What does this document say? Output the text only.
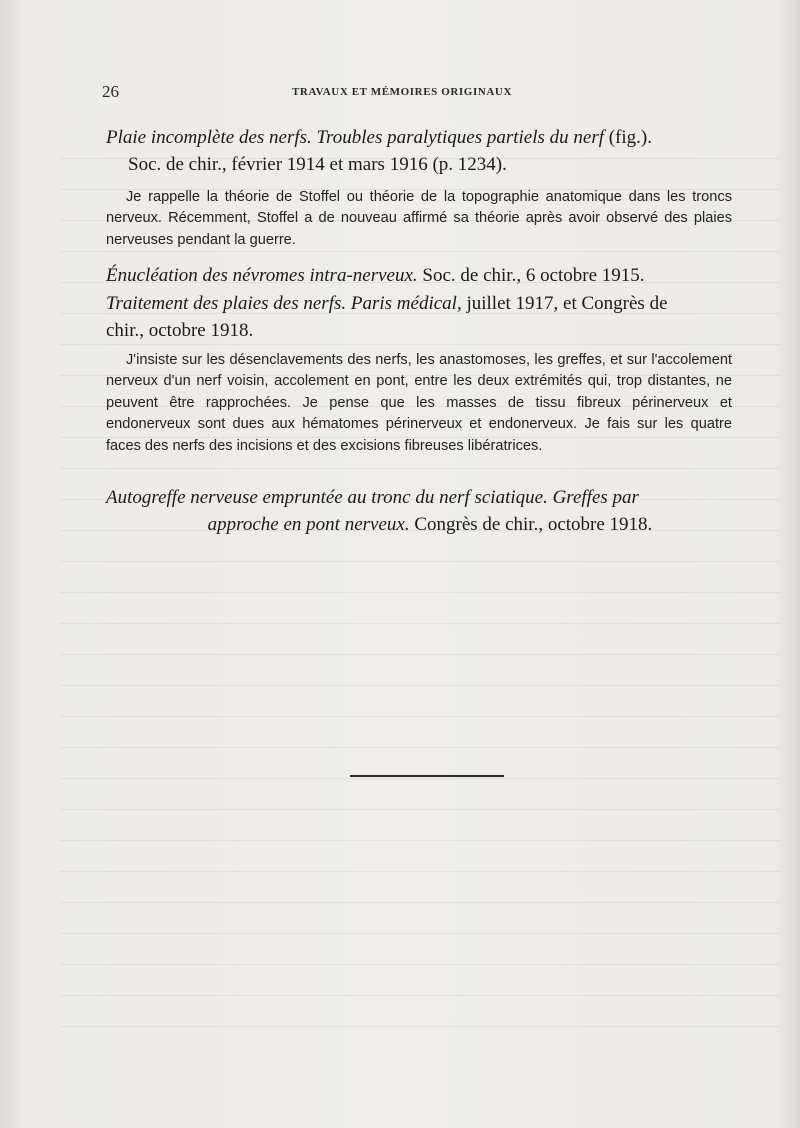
26	TRAVAUX ET MÉMOIRES ORIGINAUX
Plaie incomplète des nerfs. Troubles paralytiques partiels du nerf (fig.).
Soc. de chir., février 1914 et mars 1916 (p. 1234).
Je rappelle la théorie de Stoffel ou théorie de la topographie anatomique dans les troncs nerveux. Récemment, Stoffel a de nouveau affirmé sa théorie après avoir observé des plaies nerveuses pendant la guerre.
Énucléation des névromes intra-nerveux. Soc. de chir., 6 octobre 1915.
Traitement des plaies des nerfs. Paris médical, juillet 1917, et Congrès de
chir., octobre 1918.
J'insiste sur les désenclavements des nerfs, les anastomoses, les greffes, et sur l'accolement nerveux d'un nerf voisin, accolement en pont, entre les deux extrémités qui, trop distantes, ne peuvent être rapprochées. Je pense que les masses de tissu fibreux périnerveux et endonerveux sont dues aux hématomes périnerveux et endonerveux. Je fais sur les quatre faces des nerfs des incisions et des excisions fibreuses libératrices.
Autogreffe nerveuse empruntée au tronc du nerf sciatique. Greffes par
approche en pont nerveux. Congrès de chir., octobre 1918.
